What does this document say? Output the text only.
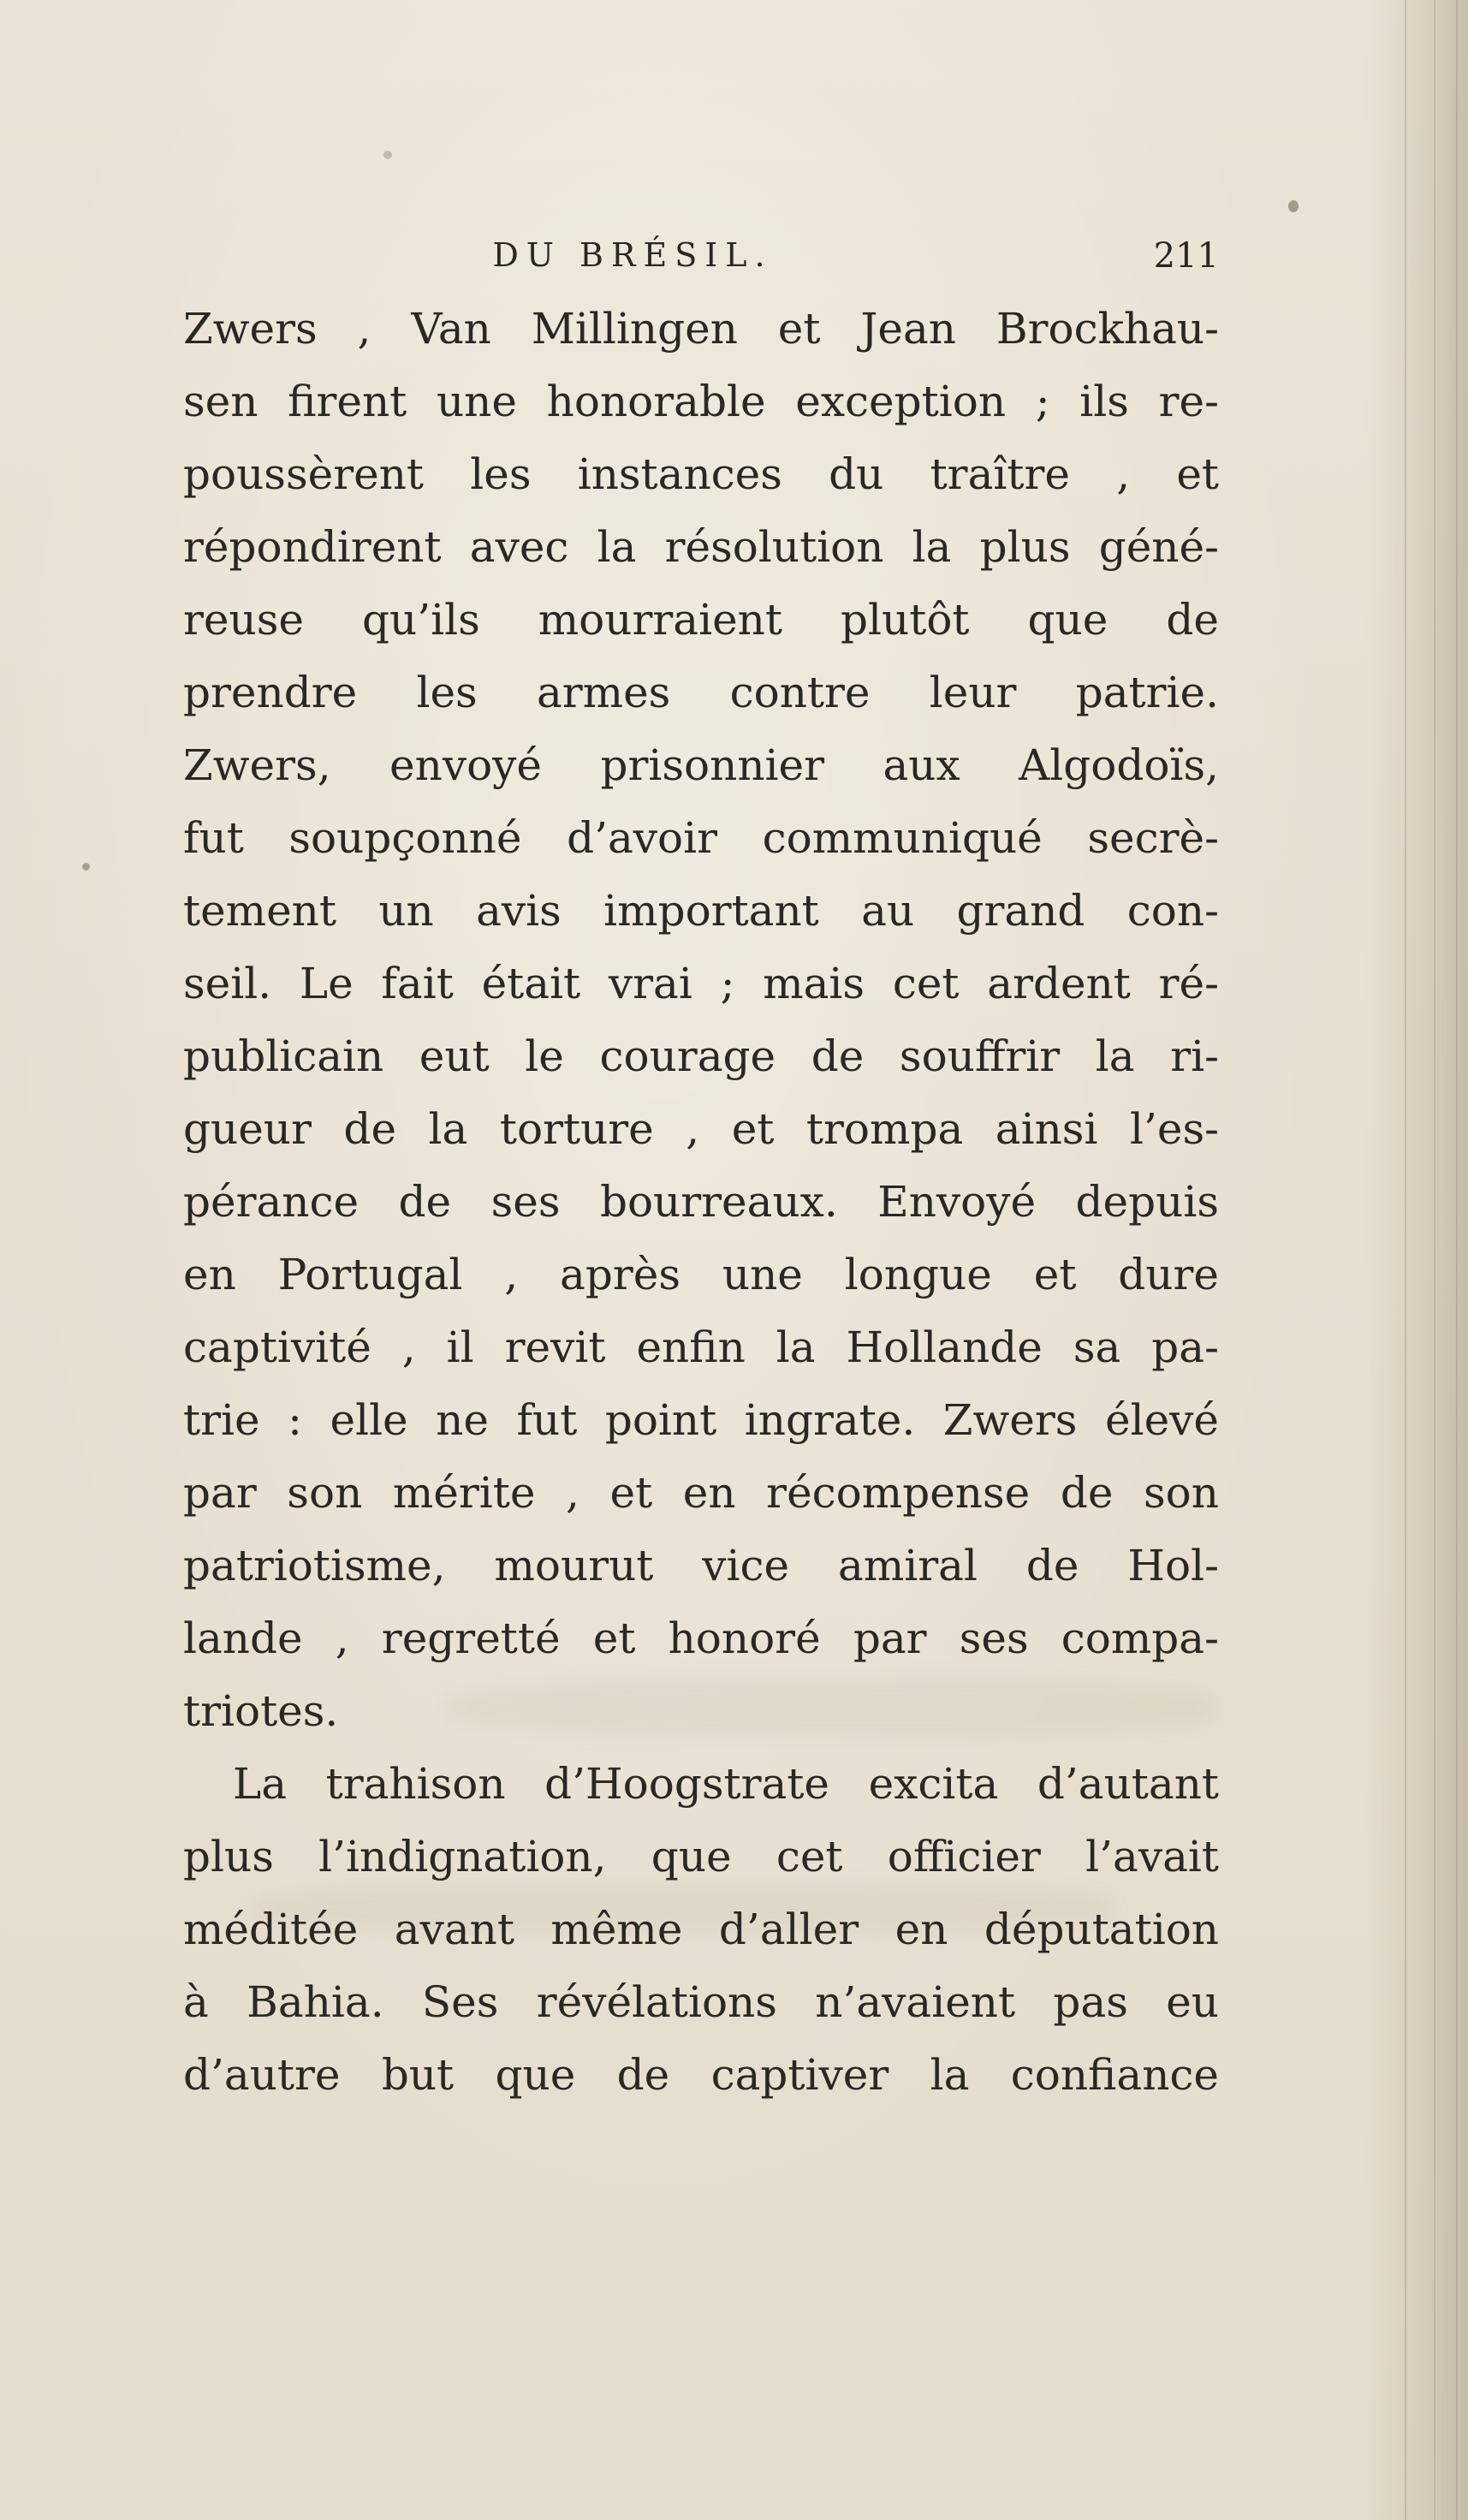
DU BRÉSIL.	211
Zwers , Van Millingen et Jean Brockhau-
sen firent une honorable exception ; ils re-
poussèrent les instances du traître , et
répondirent avec la résolution la plus géné-
reuse qu’ils mourraient plutôt que de
prendre les armes contre leur patrie.
Zwers, envoyé prisonnier aux Algodoïs,
fut soupçonné d’avoir communiqué secrè-
tement un avis important au grand con-
seil. Le fait était vrai ; mais cet ardent ré-
publicain eut le courage de souffrir la ri-
gueur de la torture , et trompa ainsi l’es-
pérance de ses bourreaux. Envoyé depuis
en Portugal , après une longue et dure
captivité , il revit enfin la Hollande sa pa-
trie : elle ne fut point ingrate. Zwers élevé
par son mérite , et en récompense de son
patriotisme, mourut vice amiral de Hol-
lande , regretté et honoré par ses compa-
triotes.
La trahison d’Hoogstrate excita d’autant
plus l’indignation, que cet officier l’avait
méditée avant même d’aller en députation
à Bahia. Ses révélations n’avaient pas eu
d’autre but que de captiver la confiance
